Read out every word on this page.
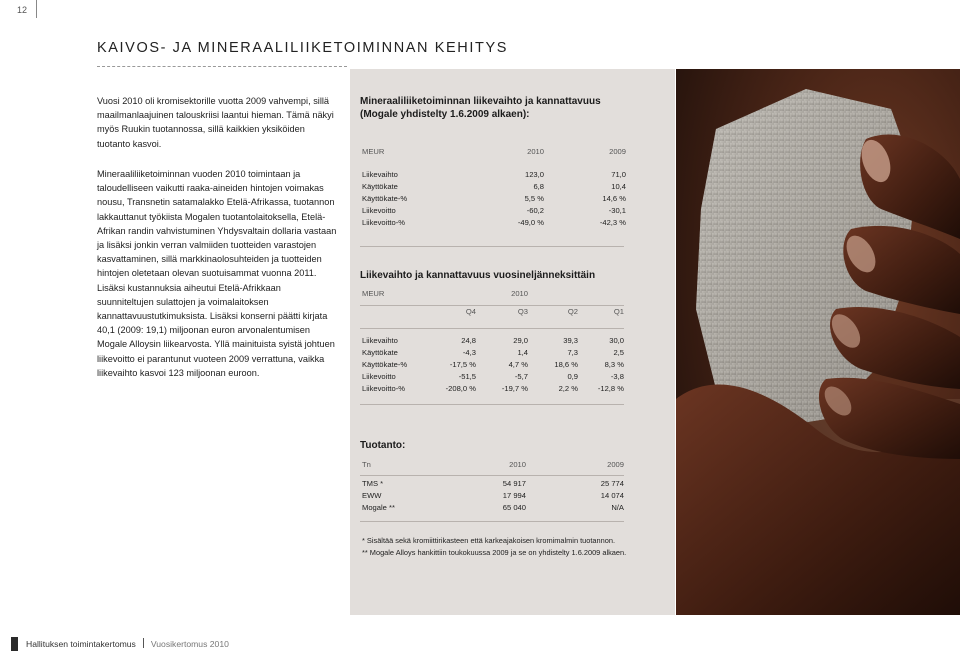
12
KAIVOS- JA MINERAALILIIKETOIMINNAN KEHITYS

Vuosi 2010 oli kromisektorille vuotta 2009 vahvempi, sillä maailmanlaajuinen talouskriisi laantui hieman. Tämä näkyi myös Ruukin tuotannossa, sillä kaikkien yksiköiden tuotanto kasvoi.

Mineraaliliiketoiminnan vuoden 2010 toimintaan ja taloudelliseen vaikutti raaka-aineiden hintojen voimakas nousu, Transnetin satamalakko Etelä-Afrikassa, tuotannon lakkauttanut työkiista Mogalen tuotantolaitoksella, Etelä-Afrikan randin vahvistuminen Yhdysvaltain dollaria vastaan ja lisäksi jonkin verran valmiiden tuotteiden varastojen kasvattaminen, sillä markkinaolosuhteiden ja tuotteiden hintojen oletetaan olevan suotuisammat vuonna 2011. Lisäksi kustannuksia aiheutui Etelä-Afrikkaan suunniteltujen sulattojen ja voimalaitoksen kannattavuustutkimuksista. Lisäksi konserni päätti kirjata 40,1 (2009: 19,1) miljoonan euron arvonalentumisen Mogale Alloysin liikearvosta. Yllä mainituista syistä johtuen liikevoitto ei parantunut vuoteen 2009 verrattuna, vaikka liikevaihto kasvoi 123 miljoonan euroon.

Mineraaliliiketoiminnan liikevaihto ja kannattavuus
(Mogale yhdistelty 1.6.2009 alkaen):
MEUR	2010	2009

Liikevaihto	123,0	71,0
Käyttökate	6,8	10,4
Käyttökate-%	5,5 %	14,6 %
Liikevoitto	-60,2	-30,1
Liikevoitto-%	-49,0 %	-42,3 %
Liikevaihto ja kannattavuus vuosineljänneksittäin
MEUR		2010		

	Q4	Q3	Q2	Q1

Liikevaihto	24,8	29,0	39,3	30,0
Käyttökate	-4,3	1,4	7,3	2,5
Käyttökate-%	-17,5 %	4,7 %	18,6 %	8,3 %
Liikevoitto	-51,5	-5,7	0,9	-3,8
Liikevoitto-%	-208,0 %	-19,7 %	2,2 %	-12,8 %
Tuotanto:
Tn	2010	2009

TMS *	54 917	25 774
EWW	17 994	14 074
Mogale **	65 040	N/A
* Sisältää sekä kromiittirikasteen että karkeajakoisen kromimalmin tuotannon.
** Mogale Alloys hankittiin toukokuussa 2009 ja se on yhdistelty 1.6.2009 alkaen.
Hallituksen toimintakertomus Vuosikertomus 2010
